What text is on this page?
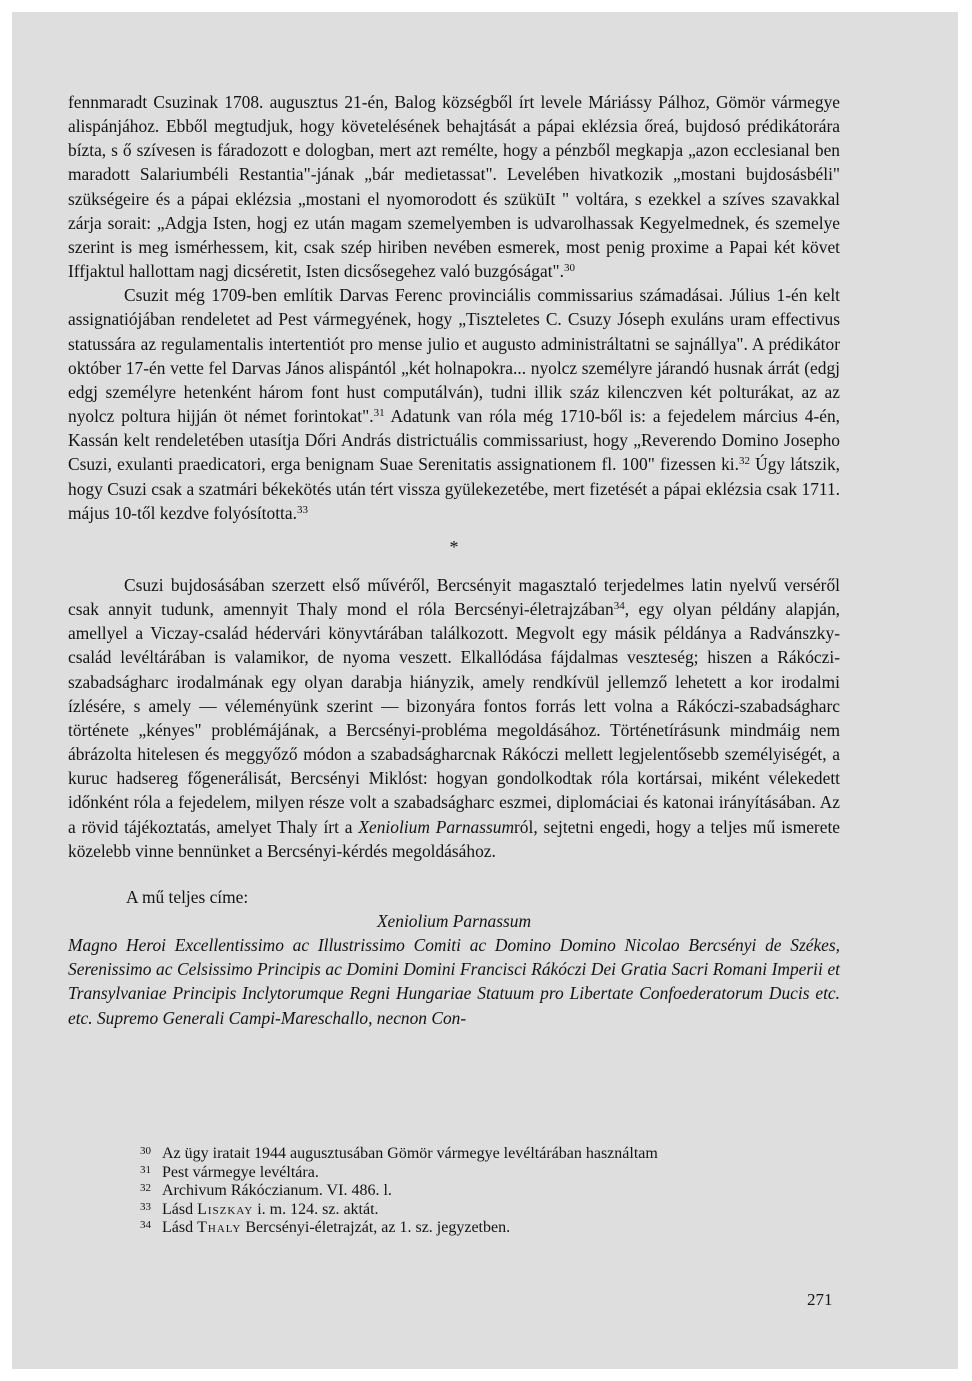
fennmaradt Csuzinak 1708. augusztus 21-én, Balog községből írt levele Máriássy Pálhoz, Gömör vármegye alispánjához. Ebből megtudjuk, hogy követelésének behajtását a pápai eklézsia őreá, bujdosó prédikátorára bízta, s ő szívesen is fáradozott e dologban, mert azt remélte, hogy a pénzből megkapja „azon ecclesianal ben maradott Salariumbéli Restantia"-jának „bár medietassat". Levelében hivatkozik „mostani bujdosásbéli" szükségeire és a pápai eklézsia „mostani el nyomorodott és szüküIt " voltára, s ezekkel a szíves szavakkal zárja sorait: „Adgja Isten, hogj ez után magam szemelyemben is udvarolhassak Kegyelmednek, és szemelye szerint is meg ismérhessem, kit, csak szép hiriben nevében esmerek, most penig proxime a Papai két követ Iffjaktul hallottam nagj dicséretit, Isten dicsősegehez való buzgóságat".$^{30}$

Csuzit még 1709-ben említik Darvas Ferenc provinciális commissarius számadásai. Július 1-én kelt assignatiójában rendeletet ad Pest vármegyének, hogy „Tiszteletes C. Csuzy Jóseph exuláns uram effectivus statussára az regulamentalis intertentiót pro mense julio et augusto administráltatni se sajnállya". A prédikátor október 17-én vette fel Darvas János alispántól „két holnapokra... nyolcz személyre járandó husnak árrát (edgj edgj személyre hetenként három font hust computálván), tudni illik száz kilenczven két polturákat, az az nyolcz poltura hijján öt német forintokat".$^{31}$ Adatunk van róla még 1710-ből is: a fejedelem március 4-én, Kassán kelt rendeletében utasítja Dőri András districtuális commissariust, hogy „Reverendo Domino Josepho Csuzi, exulanti praedicatori, erga benignam Suae Serenitatis assignationem fl. 100" fizessen ki.$^{32}$ Úgy látszik, hogy Csuzi csak a szatmári békekötés után tért vissza gyülekezetébe, mert fizetését a pápai eklézsia csak 1711. május 10-től kezdve folyósította.$^{33}$

*

Csuzi bujdosásában szerzett első művéről, Bercsényit magasztaló terjedelmes latin nyelvű verséről csak annyit tudunk, amennyit Thaly mond el róla Bercsényi-életrajzában$^{34}$, egy olyan példány alapján, amellyel a Viczay-család hédervári könyvtárában találkozott. Megvolt egy másik példánya a Radvánszky-család levéltárában is valamikor, de nyoma veszett. Elkallódása fájdalmas veszteség; hiszen a Rákóczi-szabadságharc irodalmának egy olyan darabja hiányzik, amely rendkívül jellemző lehetett a kor irodalmi ízlésére, s amely — véleményünk szerint — bizonyára fontos forrás lett volna a Rákóczi-szabadságharc története „kényes" problémájának, a Bercsényi-probléma megoldásához. Történetírásunk mindmáig nem ábrázolta hitelesen és meggyőző módon a szabadságharcnak Rákóczi mellett legjelentősebb személyiségét, a kuruc hadsereg főgenerálisát, Bercsényi Miklóst: hogyan gondolkodtak róla kortársai, miként vélekedett időnként róla a fejedelem, milyen része volt a szabadságharc eszmei, diplomáciai és katonai irányításában. Az a rövid tájékoztatás, amelyet Thaly írt a Xeniolium Parnassumról, sejtetni engedi, hogy a teljes mű ismerete közelebb vinne bennünket a Bercsényi-kérdés megoldásához.

A mű teljes címe:

Xeniolium Parnassum

Magno Heroi Excellentissimo ac Illustrissimo Comiti ac Domino Domino Nicolao Bercsényi de Székes, Serenissimo ac Celsissimo Principis ac Domini Domini Francisci Rákóczi Dei Gratia Sacri Romani Imperii et Transylvaniae Principis Inclytorumque Regni Hungariae Statuum pro Libertate Confoederatorum Ducis etc. etc. Supremo Generali Campi-Mareschallo, necnon Con-

30 Az ügy iratait 1944 augusztusában Gömör vármegye levéltárában használtam
31 Pest vármegye levéltára.
32 Archivum Rákóczianum. VI. 486. l.
33 Lásd Liszkay i. m. 124. sz. aktát.
34 Lásd Thaly Bercsényi-életrajzát, az 1. sz. jegyzetben.
271
